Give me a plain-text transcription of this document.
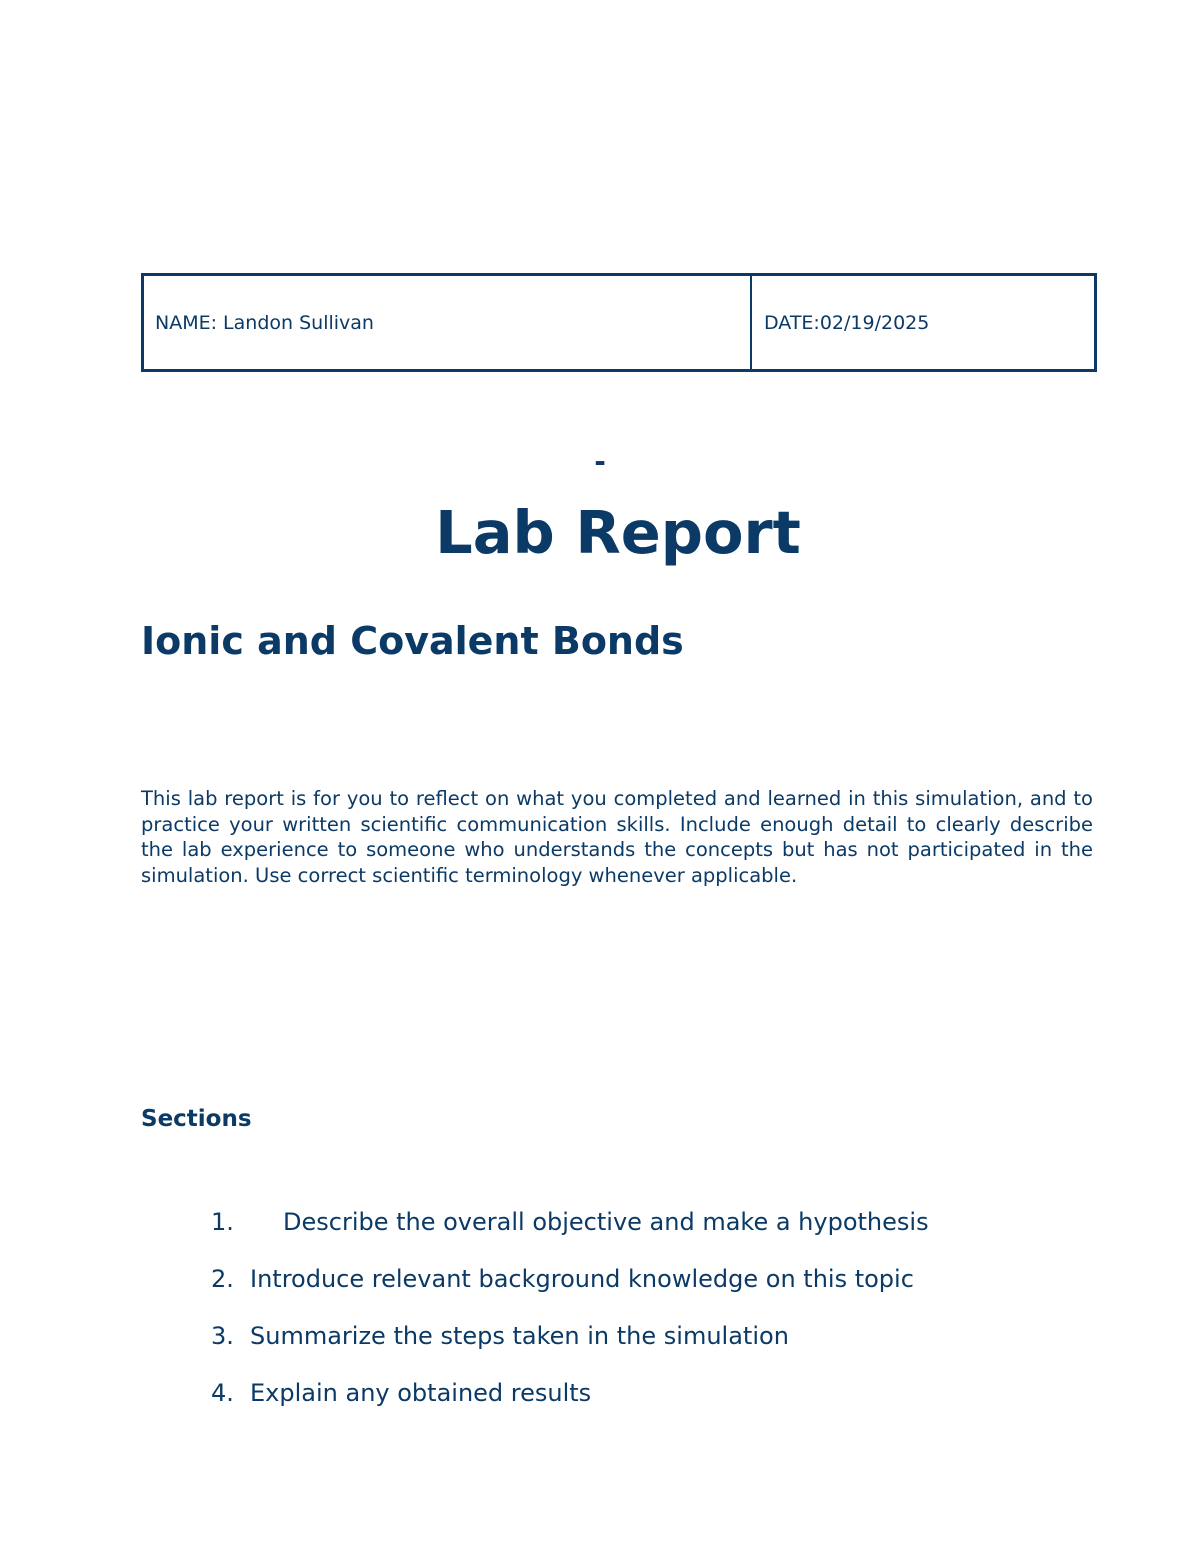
NAME: Landon Sullivan	DATE:02/19/2025
-
Lab Report
Ionic and Covalent Bonds

This lab report is for you to reflect on what you completed and learned in this simulation, and to practice your written scientific communication skills. Include enough detail to clearly describe the lab experience to someone who understands the concepts but has not participated in the simulation. Use correct scientific terminology whenever applicable.

Sections
1.	Describe the overall objective and make a hypothesis
2. Introduce relevant background knowledge on this topic
3. Summarize the steps taken in the simulation
4. Explain any obtained results
